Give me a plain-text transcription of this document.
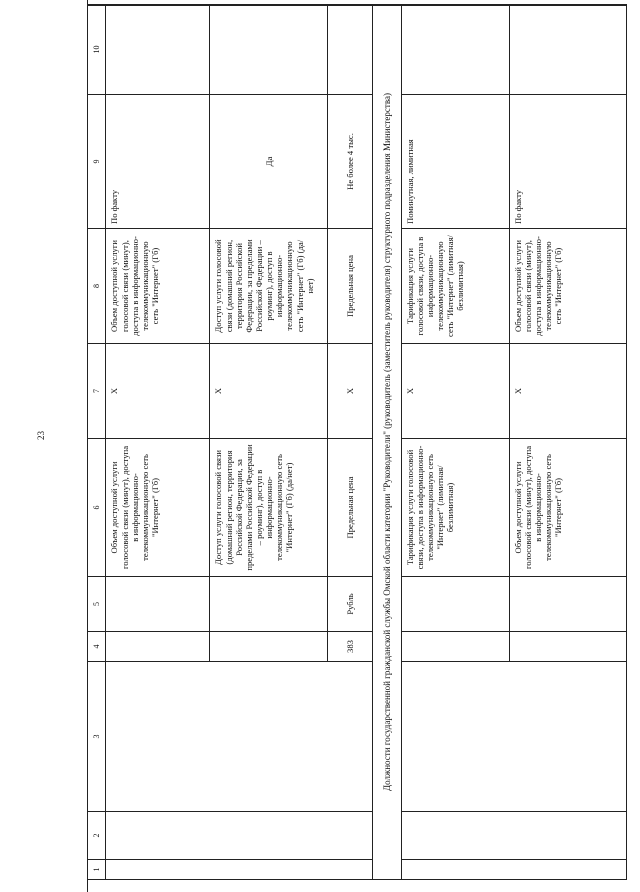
23
1	2	3	4	5	6	7	8	9	10
					Объем доступной услуги голосовой связи (минут), доступа в информационно-телекоммуникационную сеть "Интернет" (Гб)	X	Объем доступной услуги голосовой связи (минут), доступа в информационно-телекоммуникационную сеть "Интернет" (Гб)	По факту	
					Доступ услуги голосовой связи (домашний регион, территория Российской Федерации, за пределами Российской Федерации – роуминг), доступ в информационно-телекоммуникационную сеть "Интернет" (Гб) (да/нет)	X	Доступ услуги голосовой связи (домашний регион, территория Российской Федерации, за пределами Российской Федерации – роуминг), доступ в информационно-телекоммуникационную сеть "Интернет" (Гб) (да/нет)	Да	
			383	Рубль	Предельная цена	X	Предельная цена	Не более 4 тыс.	
Должности государственной гражданской службы Омской области категории "Руководители" (руководитель (заместитель руководителя) структурного подразделения Министерства)									
					Тарификация услуги голосовой связи, доступа в информационно-телекоммуникационную сеть "Интернет" (лимитная/ безлимитная)	X	Тарификация услуги голосовой связи, доступа в информационно-телекоммуникационную сеть "Интернет" (лимитная/ безлимитная)	Поминутная, лимитная	
					Объем доступной услуги голосовой связи (минут), доступа в информационно-телекоммуникационную сеть "Интернет" (Гб)	X	Объем доступной услуги голосовой связи (минут), доступа в информационно-телекоммуникационную сеть "Интернет" (Гб)	По факту	
